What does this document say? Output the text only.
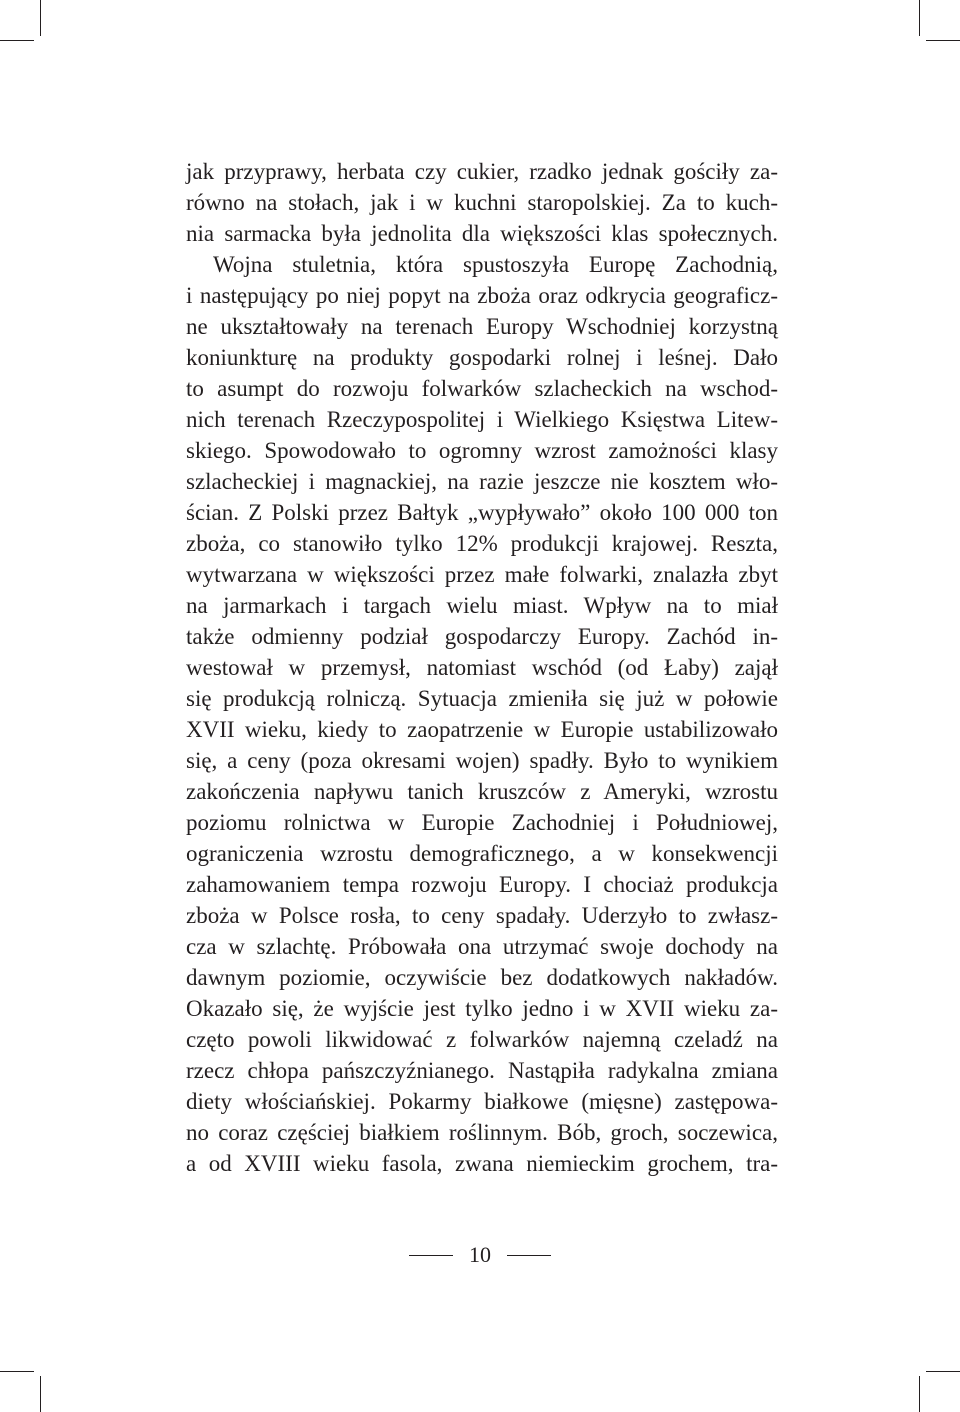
jak przyprawy, herbata czy cukier, rzadko jednak gościły za-
równo na stołach, jak i w kuchni staropolskiej. Za to kuch-
nia sarmacka była jednolita dla większości klas społecznych.
Wojna stuletnia, która spustoszyła Europę Zachodnią,
i następujący po niej popyt na zboża oraz odkrycia geograficz-
ne ukształtowały na terenach Europy Wschodniej korzystną
koniunkturę na produkty gospodarki rolnej i leśnej. Dało
to asumpt do rozwoju folwarków szlacheckich na wschod-
nich terenach Rzeczypospolitej i Wielkiego Księstwa Litew-
skiego. Spowodowało to ogromny wzrost zamożności klasy
szlacheckiej i magnackiej, na razie jeszcze nie kosztem wło-
ścian. Z Polski przez Bałtyk „wypływało” około 100 000 ton
zboża, co stanowiło tylko 12% produkcji krajowej. Reszta,
wytwarzana w większości przez małe folwarki, znalazła zbyt
na jarmarkach i targach wielu miast. Wpływ na to miał
także odmienny podział gospodarczy Europy. Zachód in-
westował w przemysł, natomiast wschód (od Łaby) zajął
się produkcją rolniczą. Sytuacja zmieniła się już w połowie
XVII wieku, kiedy to zaopatrzenie w Europie ustabilizowało
się, a ceny (poza okresami wojen) spadły. Było to wynikiem
zakończenia napływu tanich kruszców z Ameryki, wzrostu
poziomu rolnictwa w Europie Zachodniej i Południowej,
ograniczenia wzrostu demograficznego, a w konsekwencji
zahamowaniem tempa rozwoju Europy. I chociaż produkcja
zboża w Polsce rosła, to ceny spadały. Uderzyło to zwłasz-
cza w szlachtę. Próbowała ona utrzymać swoje dochody na
dawnym poziomie, oczywiście bez dodatkowych nakładów.
Okazało się, że wyjście jest tylko jedno i w XVII wieku za-
częto powoli likwidować z folwarków najemną czeladź na
rzecz chłopa pańszczyźnianego. Nastąpiła radykalna zmiana
diety włościańskiej. Pokarmy białkowe (mięsne) zastępowa-
no coraz częściej białkiem roślinnym. Bób, groch, soczewica,
a od XVIII wieku fasola, zwana niemieckim grochem, tra-
10
